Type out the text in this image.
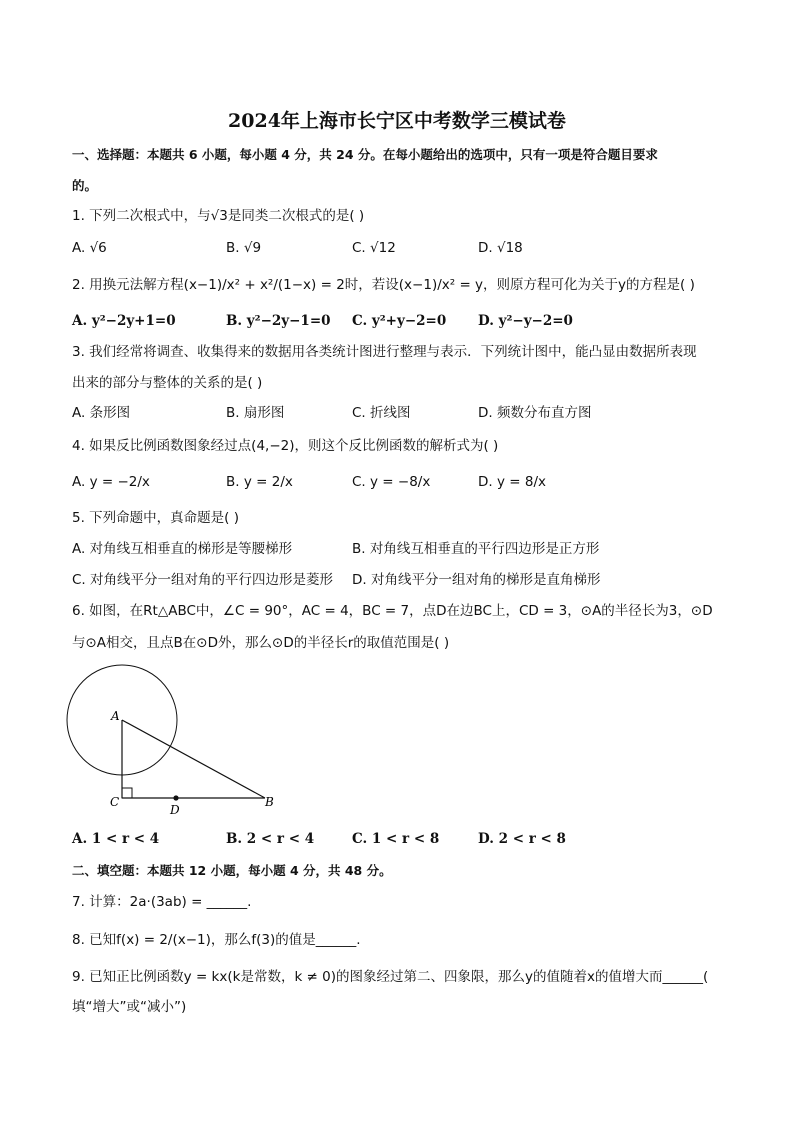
2024年上海市长宁区中考数学三模试卷
一、选择题：本题共 6 小题，每小题 4 分，共 24 分。在每小题给出的选项中，只有一项是符合题目要求
的。
1. 下列二次根式中，与√3是同类二次根式的是( )
A. √6	B. √9	C. √12	D. √18
2. 用换元法解方程(x−1)/x² + x²/(1−x) = 2时，若设(x−1)/x² = y，则原方程可化为关于y的方程是( )
A. y²−2y+1=0	B. y²−2y−1=0 C. y²+y−2=0 D. y²−y−2=0
3. 我们经常将调查、收集得来的数据用各类统计图进行整理与表示．下列统计图中，能凸显由数据所表现
出来的部分与整体的关系的是( )
A. 条形图	B. 扇形图	C. 折线图	D. 频数分布直方图
4. 如果反比例函数图象经过点(4,−2)，则这个反比例函数的解析式为( )
A. y = −2/x	B. y = 2/x	C. y = −8/x	D. y = 8/x
5. 下列命题中，真命题是( )
A. 对角线互相垂直的梯形是等腰梯形	B. 对角线互相垂直的平行四边形是正方形
C. 对角线平分一组对角的平行四边形是菱形 D. 对角线平分一组对角的梯形是直角梯形
6. 如图，在Rt△ABC中，∠C = 90°，AC = 4，BC = 7，点D在边BC上，CD = 3，⊙A的半径长为3，⊙D
与⊙A相交，且点B在⊙D外，那么⊙D的半径长r的取值范围是( )
A
C
D
B
A. 1 < r < 4	B. 2 < r < 4	C. 1 < r < 8	D. 2 < r < 8
二、填空题：本题共 12 小题，每小题 4 分，共 48 分。
7. 计算：2a·(3ab) = ______.
8. 已知f(x) = 2/(x−1)，那么f(3)的值是______.
9. 已知正比例函数y = kx(k是常数，k ≠ 0)的图象经过第二、四象限，那么y的值随着x的值增大而______(
填“增大”或“减小”)
